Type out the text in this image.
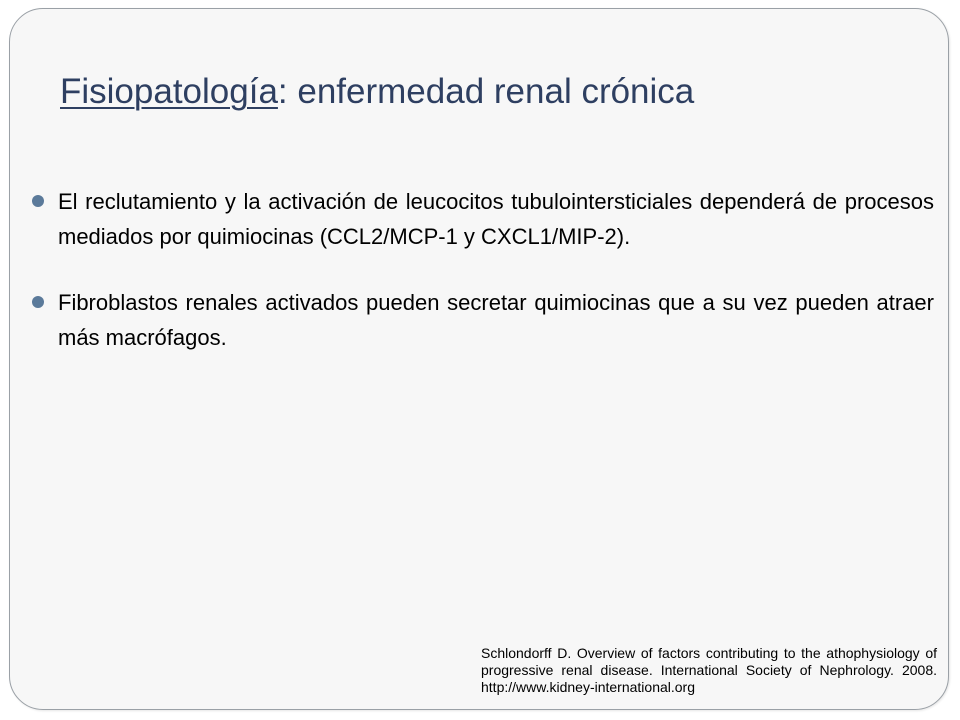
Fisiopatología: enfermedad renal crónica
El reclutamiento y la activación de leucocitos tubulointersticiales dependerá de procesos mediados por quimiocinas (CCL2/MCP-1 y CXCL1/MIP-2).
Fibroblastos renales activados pueden secretar quimiocinas que a su vez pueden atraer más macrófagos.

Schlondorff D. Overview of factors contributing to the athophysiology of progressive renal disease. International Society of Nephrology. 2008. http://www.kidney-international.org
